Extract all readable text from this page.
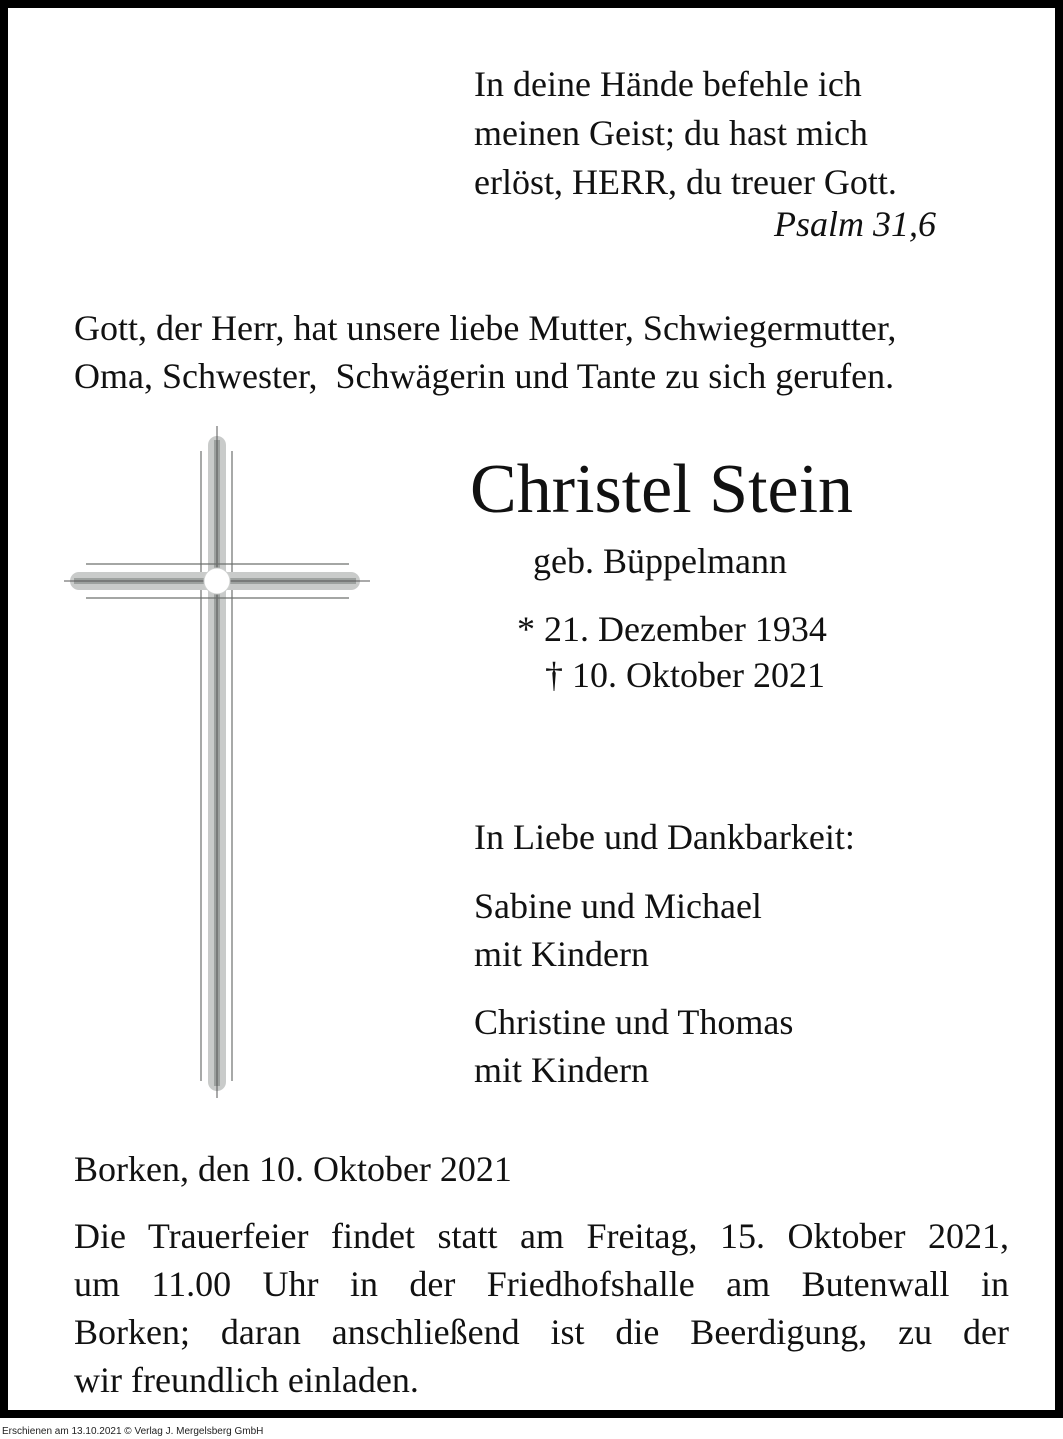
In deine Hände befehle ich
meinen Geist; du hast mich
erlöst, HERR, du treuer Gott.
Psalm 31,6
Gott, der Herr, hat unsere liebe Mutter, Schwiegermutter,
Oma, Schwester,  Schwägerin und Tante zu sich gerufen.
Christel Stein
geb. Büppelmann
* 21. Dezember 1934
† 10. Oktober 2021
In Liebe und Dankbarkeit:
Sabine und Michael
mit Kindern
Christine und Thomas
mit Kindern
Borken, den 10. Oktober 2021
Die Trauerfeier findet statt am Freitag, 15. Oktober 2021,
um 11.00 Uhr in der Friedhofshalle am Butenwall in
Borken; daran anschließend ist die Beerdigung, zu der
wir freundlich einladen.
Erschienen am 13.10.2021 © Verlag J. Mergelsberg GmbH
